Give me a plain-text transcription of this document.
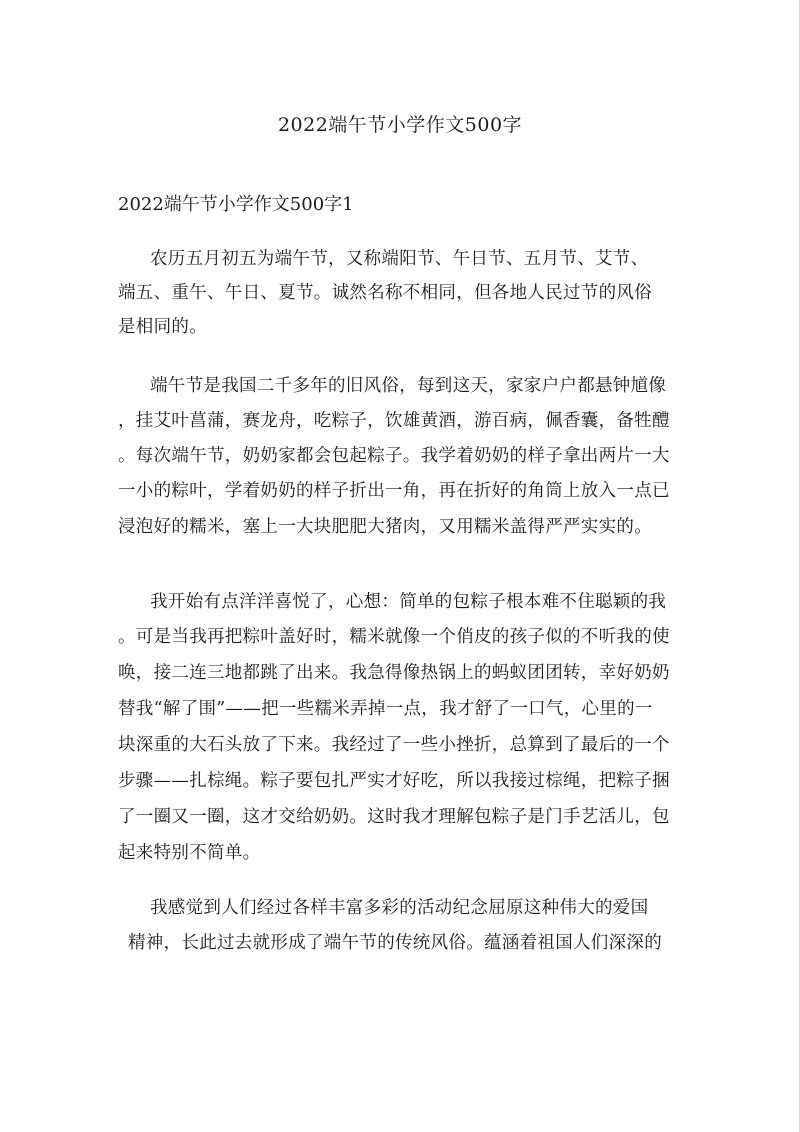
2022端午节小学作文500字
2022端午节小学作文500字1
农历五月初五为端午节，又称端阳节、午日节、五月节、艾节、
端五、重午、午日、夏节。诚然名称不相同，但各地人民过节的风俗
是相同的。
端午节是我国二千多年的旧风俗，每到这天，家家户户都悬钟馗像
，挂艾叶菖蒲，赛龙舟，吃粽子，饮雄黄酒，游百病，佩香囊，备牲醴
。每次端午节，奶奶家都会包起粽子。我学着奶奶的样子拿出两片一大
一小的粽叶，学着奶奶的样子折出一角，再在折好的角筒上放入一点已
浸泡好的糯米，塞上一大块肥肥大猪肉，又用糯米盖得严严实实的。
我开始有点洋洋喜悦了，心想：简单的包粽子根本难不住聪颖的我
。可是当我再把粽叶盖好时，糯米就像一个俏皮的孩子似的不听我的使
唤，接二连三地都跳了出来。我急得像热锅上的蚂蚁团团转，幸好奶奶
替我“解了围”——把一些糯米弄掉一点，我才舒了一口气，心里的一
块深重的大石头放了下来。我经过了一些小挫折，总算到了最后的一个
步骤——扎棕绳。粽子要包扎严实才好吃，所以我接过棕绳，把粽子捆
了一圈又一圈，这才交给奶奶。这时我才理解包粽子是门手艺活儿，包
起来特别不简单。
我感觉到人们经过各样丰富多彩的活动纪念屈原这种伟大的爱国
精神，长此过去就形成了端午节的传统风俗。蕴涵着祖国人们深深的
